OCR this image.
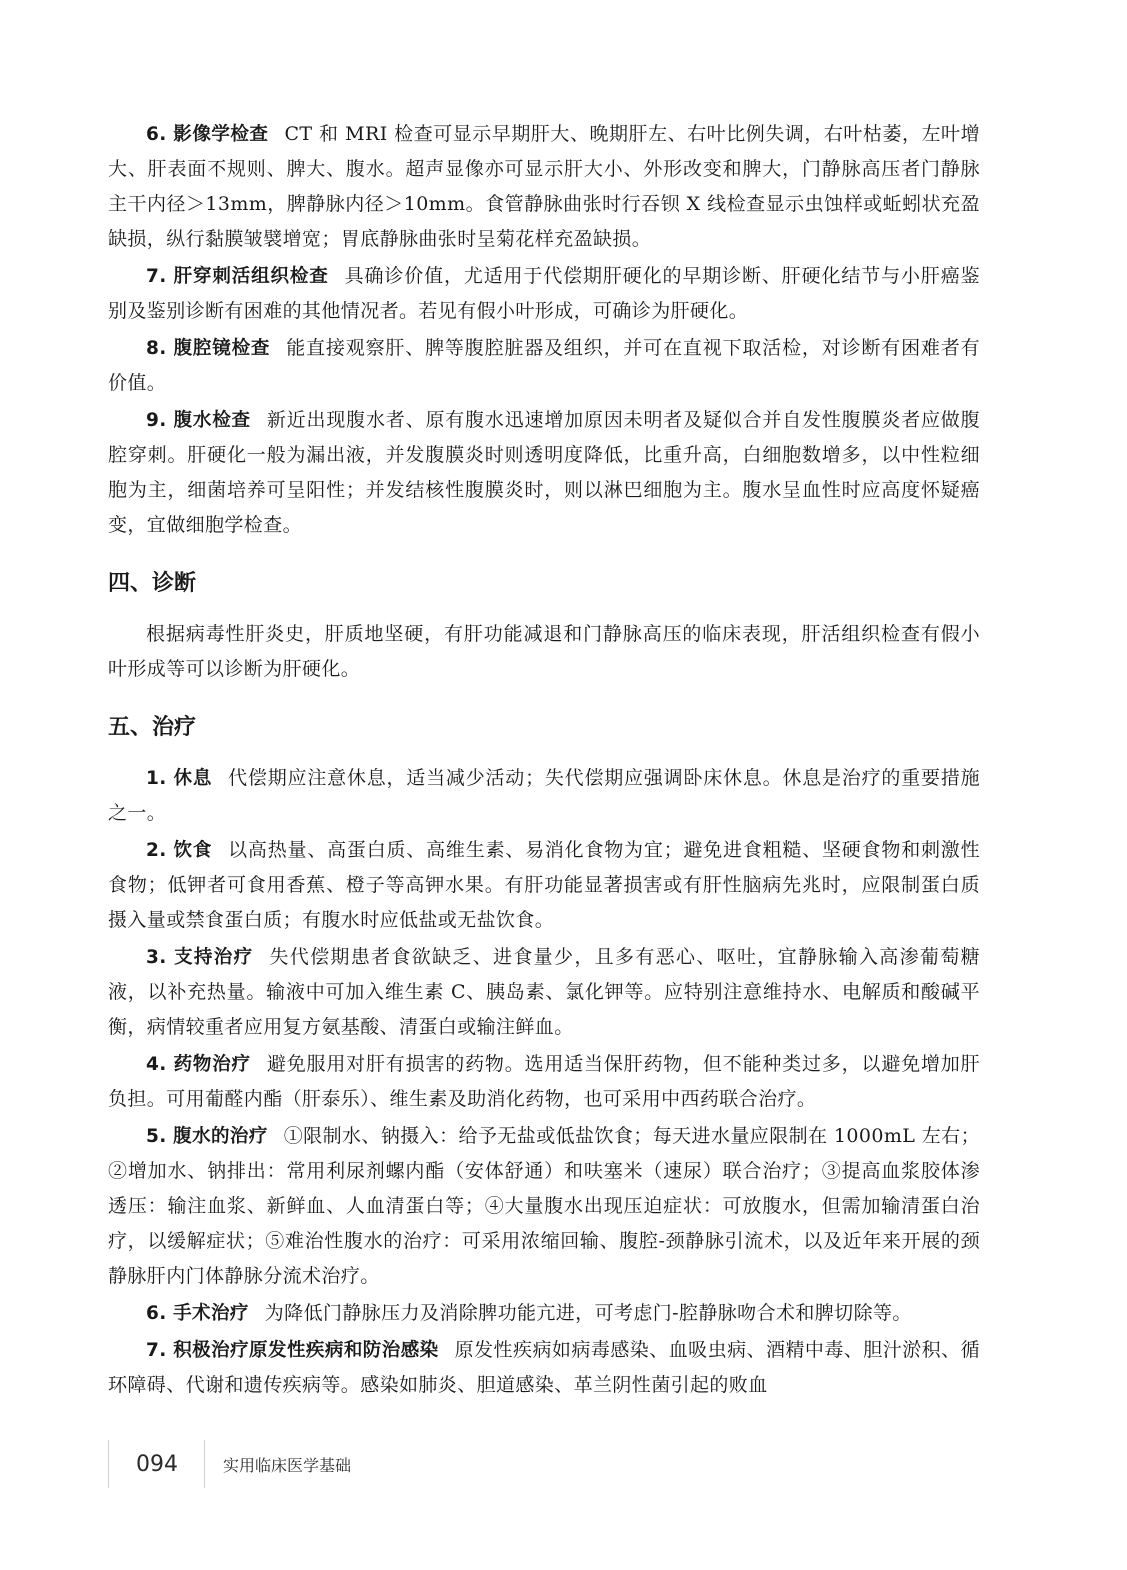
6. 影像学检查 CT 和 MRI 检查可显示早期肝大、晚期肝左、右叶比例失调，右叶枯萎，左叶增大、肝表面不规则、脾大、腹水。超声显像亦可显示肝大小、外形改变和脾大，门静脉高压者门静脉主干内径＞13mm，脾静脉内径＞10mm。食管静脉曲张时行吞钡 X 线检查显示虫蚀样或蚯蚓状充盈缺损，纵行黏膜皱襞增宽；胃底静脉曲张时呈菊花样充盈缺损。

7. 肝穿刺活组织检查 具确诊价值，尤适用于代偿期肝硬化的早期诊断、肝硬化结节与小肝癌鉴别及鉴别诊断有困难的其他情况者。若见有假小叶形成，可确诊为肝硬化。

8. 腹腔镜检查 能直接观察肝、脾等腹腔脏器及组织，并可在直视下取活检，对诊断有困难者有价值。

9. 腹水检查 新近出现腹水者、原有腹水迅速增加原因未明者及疑似合并自发性腹膜炎者应做腹腔穿刺。肝硬化一般为漏出液，并发腹膜炎时则透明度降低，比重升高，白细胞数增多，以中性粒细胞为主，细菌培养可呈阳性；并发结核性腹膜炎时，则以淋巴细胞为主。腹水呈血性时应高度怀疑癌变，宜做细胞学检查。

四、诊断

根据病毒性肝炎史，肝质地坚硬，有肝功能减退和门静脉高压的临床表现，肝活组织检查有假小叶形成等可以诊断为肝硬化。

五、治疗

1. 休息 代偿期应注意休息，适当减少活动；失代偿期应强调卧床休息。休息是治疗的重要措施之一。

2. 饮食 以高热量、高蛋白质、高维生素、易消化食物为宜；避免进食粗糙、坚硬食物和刺激性食物；低钾者可食用香蕉、橙子等高钾水果。有肝功能显著损害或有肝性脑病先兆时，应限制蛋白质摄入量或禁食蛋白质；有腹水时应低盐或无盐饮食。

3. 支持治疗 失代偿期患者食欲缺乏、进食量少，且多有恶心、呕吐，宜静脉输入高渗葡萄糖液，以补充热量。输液中可加入维生素 C、胰岛素、氯化钾等。应特别注意维持水、电解质和酸碱平衡，病情较重者应用复方氨基酸、清蛋白或输注鲜血。

4. 药物治疗 避免服用对肝有损害的药物。选用适当保肝药物，但不能种类过多，以避免增加肝负担。可用葡醛内酯（肝泰乐）、维生素及助消化药物，也可采用中西药联合治疗。

5. 腹水的治疗 ①限制水、钠摄入：给予无盐或低盐饮食；每天进水量应限制在 1000mL 左右；②增加水、钠排出：常用利尿剂螺内酯（安体舒通）和呋塞米（速尿）联合治疗；③提高血浆胶体渗透压：输注血浆、新鲜血、人血清蛋白等；④大量腹水出现压迫症状：可放腹水，但需加输清蛋白治疗，以缓解症状；⑤难治性腹水的治疗：可采用浓缩回输、腹腔-颈静脉引流术，以及近年来开展的颈静脉肝内门体静脉分流术治疗。

6. 手术治疗 为降低门静脉压力及消除脾功能亢进，可考虑门-腔静脉吻合术和脾切除等。

7. 积极治疗原发性疾病和防治感染 原发性疾病如病毒感染、血吸虫病、酒精中毒、胆汁淤积、循环障碍、代谢和遗传疾病等。感染如肺炎、胆道感染、革兰阴性菌引起的败血

094	实用临床医学基础
